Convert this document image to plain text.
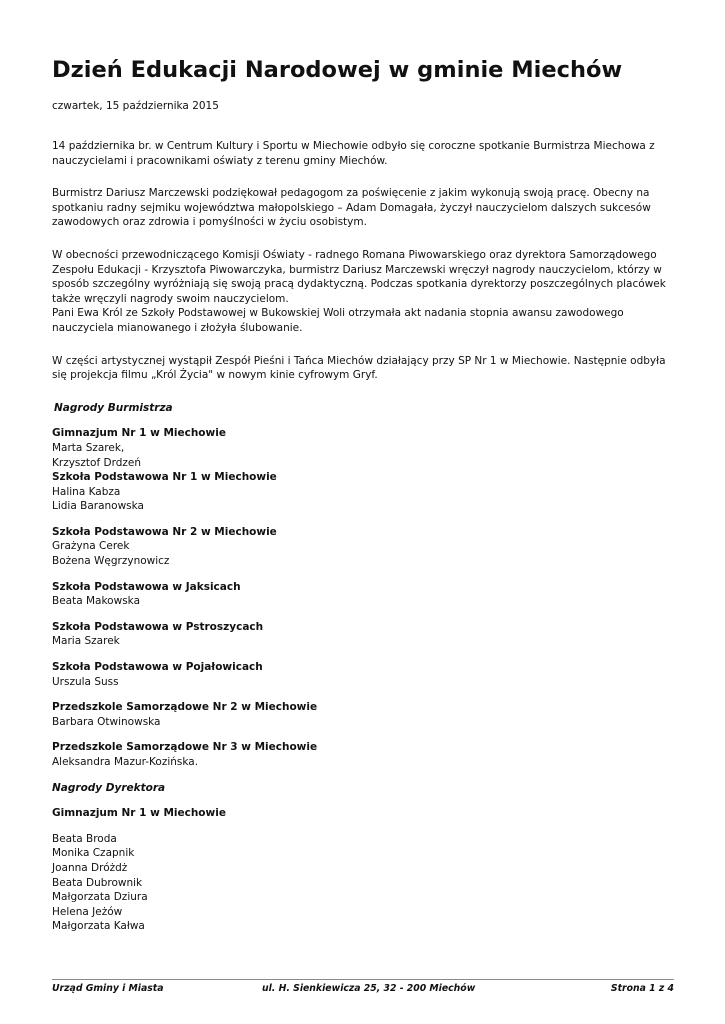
Dzień Edukacji Narodowej w gminie Miechów
czwartek, 15 października 2015

14 października br. w Centrum Kultury i Sportu w Miechowie odbyło się coroczne spotkanie Burmistrza Miechowa z nauczycielami i pracownikami oświaty z terenu gminy Miechów.

Burmistrz Dariusz Marczewski podziękował pedagogom za poświęcenie z jakim wykonują swoją pracę. Obecny na spotkaniu radny sejmiku województwa małopolskiego – Adam Domagała, życzył nauczycielom dalszych sukcesów zawodowych oraz zdrowia i pomyślności w życiu osobistym.

W obecności przewodniczącego Komisji Oświaty - radnego Romana Piwowarskiego oraz dyrektora Samorządowego Zespołu Edukacji - Krzysztofa Piwowarczyka, burmistrz Dariusz Marczewski wręczył nagrody nauczycielom, którzy w sposób szczególny wyróżniają się swoją pracą dydaktyczną. Podczas spotkania dyrektorzy poszczególnych placówek także wręczyli nagrody swoim nauczycielom.

Pani Ewa Król ze Szkoły Podstawowej w Bukowskiej Woli otrzymała akt nadania stopnia awansu zawodowego nauczyciela mianowanego i złożyła ślubowanie.

W części artystycznej wystąpił Zespół Pieśni i Tańca Miechów działający przy SP Nr 1 w Miechowie. Następnie odbyła się projekcja filmu „Król Życia" w nowym kinie cyfrowym Gryf.

Nagrody Burmistrza
Gimnazjum Nr 1 w Miechowie
Marta Szarek,
Krzysztof Drdzeń
Szkoła Podstawowa Nr 1 w Miechowie
Halina Kabza
Lidia Baranowska
Szkoła Podstawowa Nr 2 w Miechowie
Grażyna Cerek
Bożena Węgrzynowicz
Szkoła Podstawowa w Jaksicach
Beata Makowska
Szkoła Podstawowa w Pstroszycach
Maria Szarek
Szkoła Podstawowa w Pojałowicach
Urszula Suss
Przedszkole Samorządowe Nr 2 w Miechowie
Barbara Otwinowska
Przedszkole Samorządowe Nr 3 w Miechowie
Aleksandra Mazur-Kozińska.
Nagrody Dyrektora
Gimnazjum Nr 1 w Miechowie
Beata Broda
Monika Czapnik
Joanna Dróżdż
Beata Dubrownik
Małgorzata Dziura
Helena Jeżów
Małgorzata Kałwa
Urząd Gminy i Miasta	ul. H. Sienkiewicza 25, 32 - 200 Miechów	Strona 1 z 4
